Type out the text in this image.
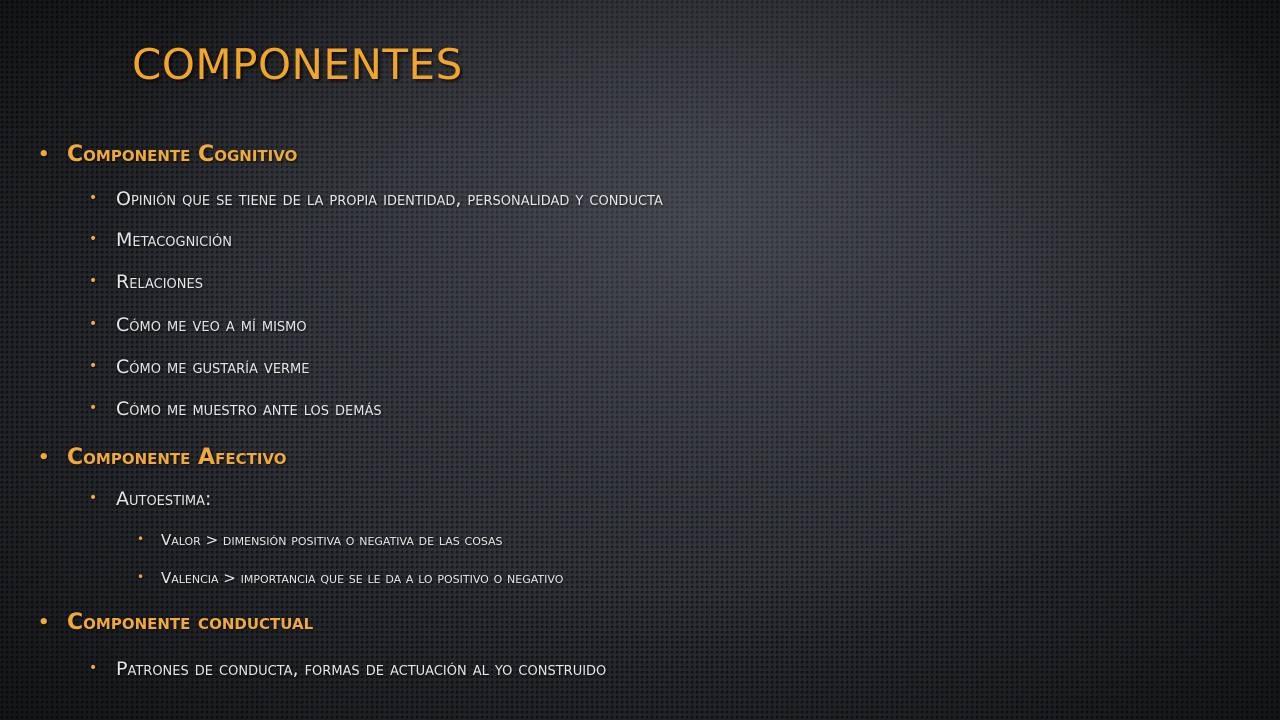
COMPONENTES
• Componente Cognitivo
• Opinión que se tiene de la propia identidad, personalidad y conducta
• Metacognición
• Relaciones
• Cómo me veo a mí mismo
• Cómo me gustaría verme
• Cómo me muestro ante los demás
• Componente Afectivo
• Autoestima:
• Valor > dimensión positiva o negativa de las cosas
• Valencia > importancia que se le da a lo positivo o negativo
• Componente conductual
• Patrones de conducta, formas de actuación al yo construido
